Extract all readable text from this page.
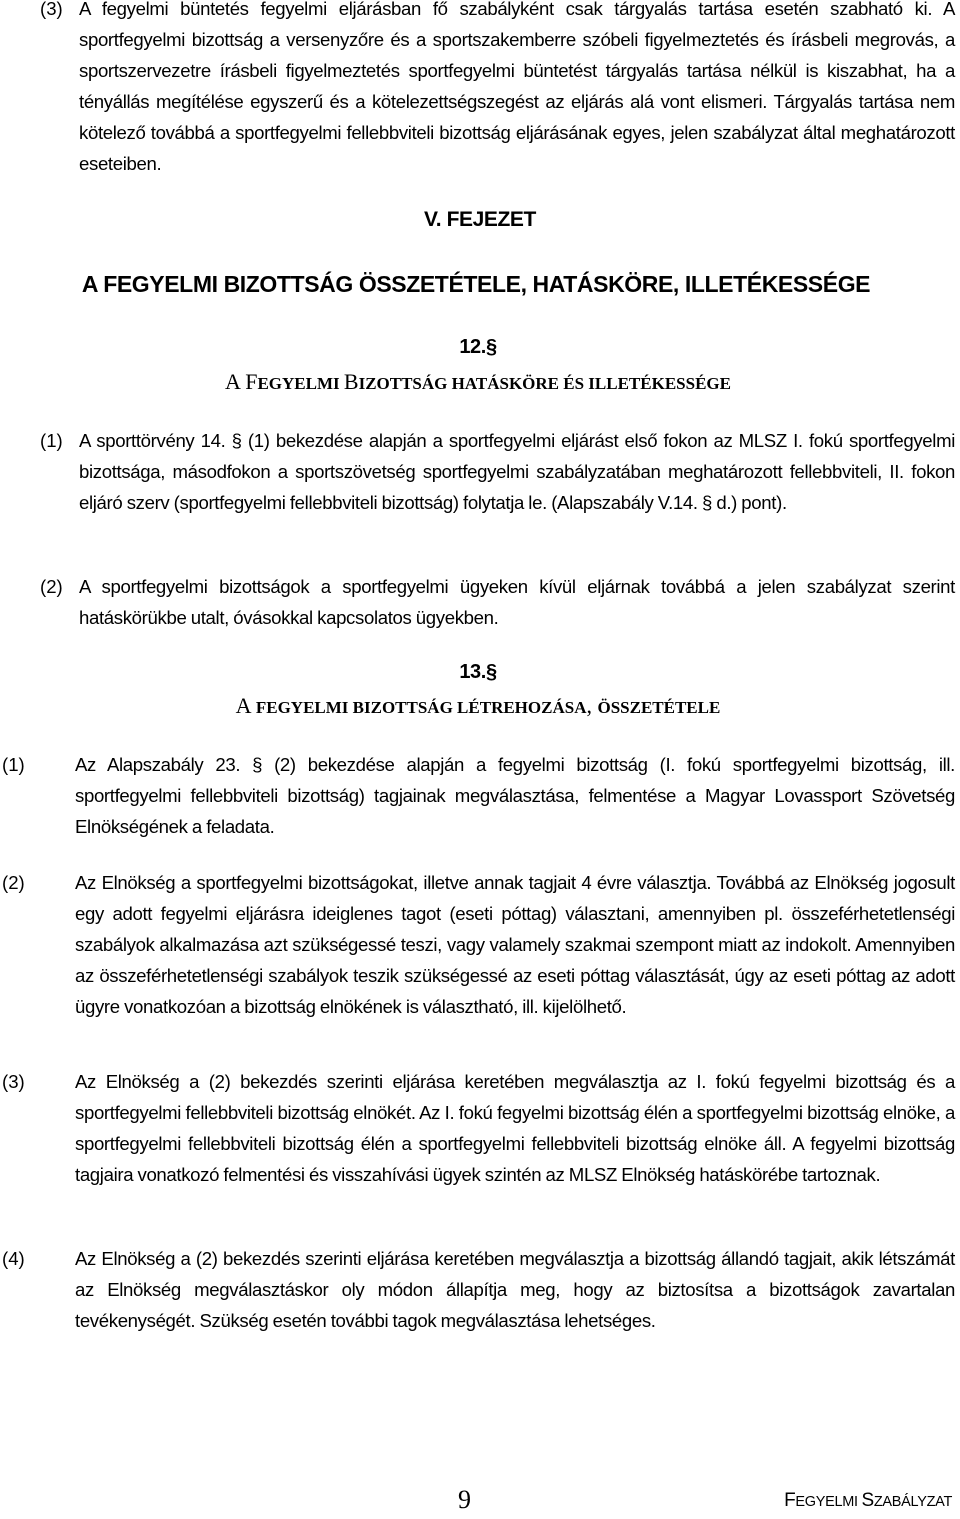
(3) A fegyelmi büntetés fegyelmi eljárásban fő szabályként csak tárgyalás tartása esetén szabható ki. A sportfegyelmi bizottság a versenyzőre és a sportszakemberre szóbeli figyelmeztetés és írásbeli megrovás, a sportszervezetre írásbeli figyelmeztetés sportfegyelmi büntetést tárgyalás tartása nélkül is kiszabhat, ha a tényállás megítélése egyszerű és a kötelezettségszegést az eljárás alá vont elismeri. Tárgyalás tartása nem kötelező továbbá a sportfegyelmi fellebbviteli bizottság eljárásának egyes, jelen szabályzat által meghatározott eseteiben.
V. FEJEZET
A FEGYELMI BIZOTTSÁG ÖSSZETÉTELE, HATÁSKÖRE, ILLETÉKESSÉGE
12.§
A FEGYELMI BIZOTTSÁG HATÁSKÖRE ÉS ILLETÉKESSÉGE
(1) A sporttörvény 14. § (1) bekezdése alapján a sportfegyelmi eljárást első fokon az MLSZ I. fokú sportfegyelmi bizottsága, másodfokon a sportszövetség sportfegyelmi szabályzatában meghatározott fellebbviteli, II. fokon eljáró szerv (sportfegyelmi fellebbviteli bizottság) folytatja le. (Alapszabály V.14. § d.) pont).
(2) A sportfegyelmi bizottságok a sportfegyelmi ügyeken kívül eljárnak továbbá a jelen szabályzat szerint hatáskörükbe utalt, óvásokkal kapcsolatos ügyekben.
13.§
A FEGYELMI BIZOTTSÁG LÉTREHOZÁSA, ÖSSZETÉTELE
(1)	Az Alapszabály 23. § (2) bekezdése alapján a fegyelmi bizottság (I. fokú sportfegyelmi bizottság, ill. sportfegyelmi fellebbviteli bizottság) tagjainak megválasztása, felmentése a Magyar Lovassport Szövetség Elnökségének a feladata.
(2)	Az Elnökség a sportfegyelmi bizottságokat, illetve annak tagjait 4 évre választja. Továbbá az Elnökség jogosult egy adott fegyelmi eljárásra ideiglenes tagot (eseti póttag) választani, amennyiben pl. összeférhetetlenségi szabályok alkalmazása azt szükségessé teszi, vagy valamely szakmai szempont miatt az indokolt. Amennyiben az összeférhetetlenségi szabályok teszik szükségessé az eseti póttag választását, úgy az eseti póttag az adott ügyre vonatkozóan a bizottság elnökének is választható, ill. kijelölhető.
(3)	Az Elnökség a (2) bekezdés szerinti eljárása keretében megválasztja az I. fokú fegyelmi bizottság és a sportfegyelmi fellebbviteli bizottság elnökét. Az I. fokú fegyelmi bizottság élén a sportfegyelmi bizottság elnöke, a sportfegyelmi fellebbviteli bizottság élén a sportfegyelmi fellebbviteli bizottság elnöke áll. A fegyelmi bizottság tagjaira vonatkozó felmentési és visszahívási ügyek szintén az MLSZ Elnökség hatáskörébe tartoznak.
(4)	Az Elnökség a (2) bekezdés szerinti eljárása keretében megválasztja a bizottság állandó tagjait, akik létszámát az Elnökség megválasztáskor oly módon állapítja meg, hogy az biztosítsa a bizottságok zavartalan tevékenységét. Szükség esetén további tagok megválasztása lehetséges.
9	FEGYELMI SZABÁLYZAT
